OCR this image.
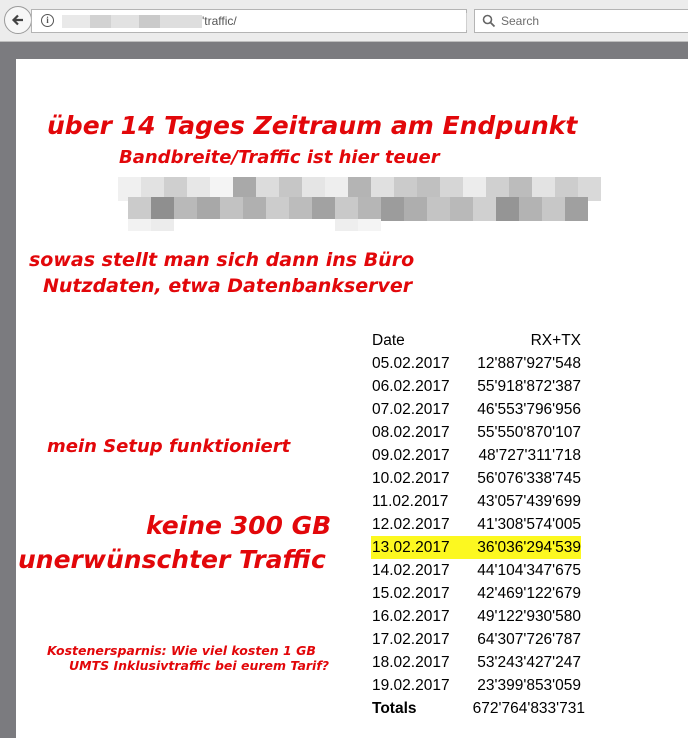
i	'traffic/	Search
über 14 Tages Zeitraum am Endpunkt
Bandbreite/Traffic ist hier teuer
sowas stellt man sich dann ins Büro
Nutzdaten, etwa Datenbankserver
mein Setup funktioniert
keine 300 GB
unerwünschter Traffic
Kostenersparnis: Wie viel kosten 1 GB
UMTS Inklusivtraffic bei eurem Tarif?
Date	RX+TX
05.02.2017 12'887'927'548
06.02.2017 55'918'872'387
07.02.2017 46'553'796'956
08.02.2017 55'550'870'107
09.02.2017 48'727'311'718
10.02.2017 56'076'338'745
11.02.2017 43'057'439'699
12.02.2017 41'308'574'005
13.02.2017 36'036'294'539
14.02.2017 44'104'347'675
15.02.2017 42'469'122'679
16.02.2017 49'122'930'580
17.02.2017 64'307'726'787
18.02.2017 53'243'427'247
19.02.2017 23'399'853'059
Totals	672'764'833'731
